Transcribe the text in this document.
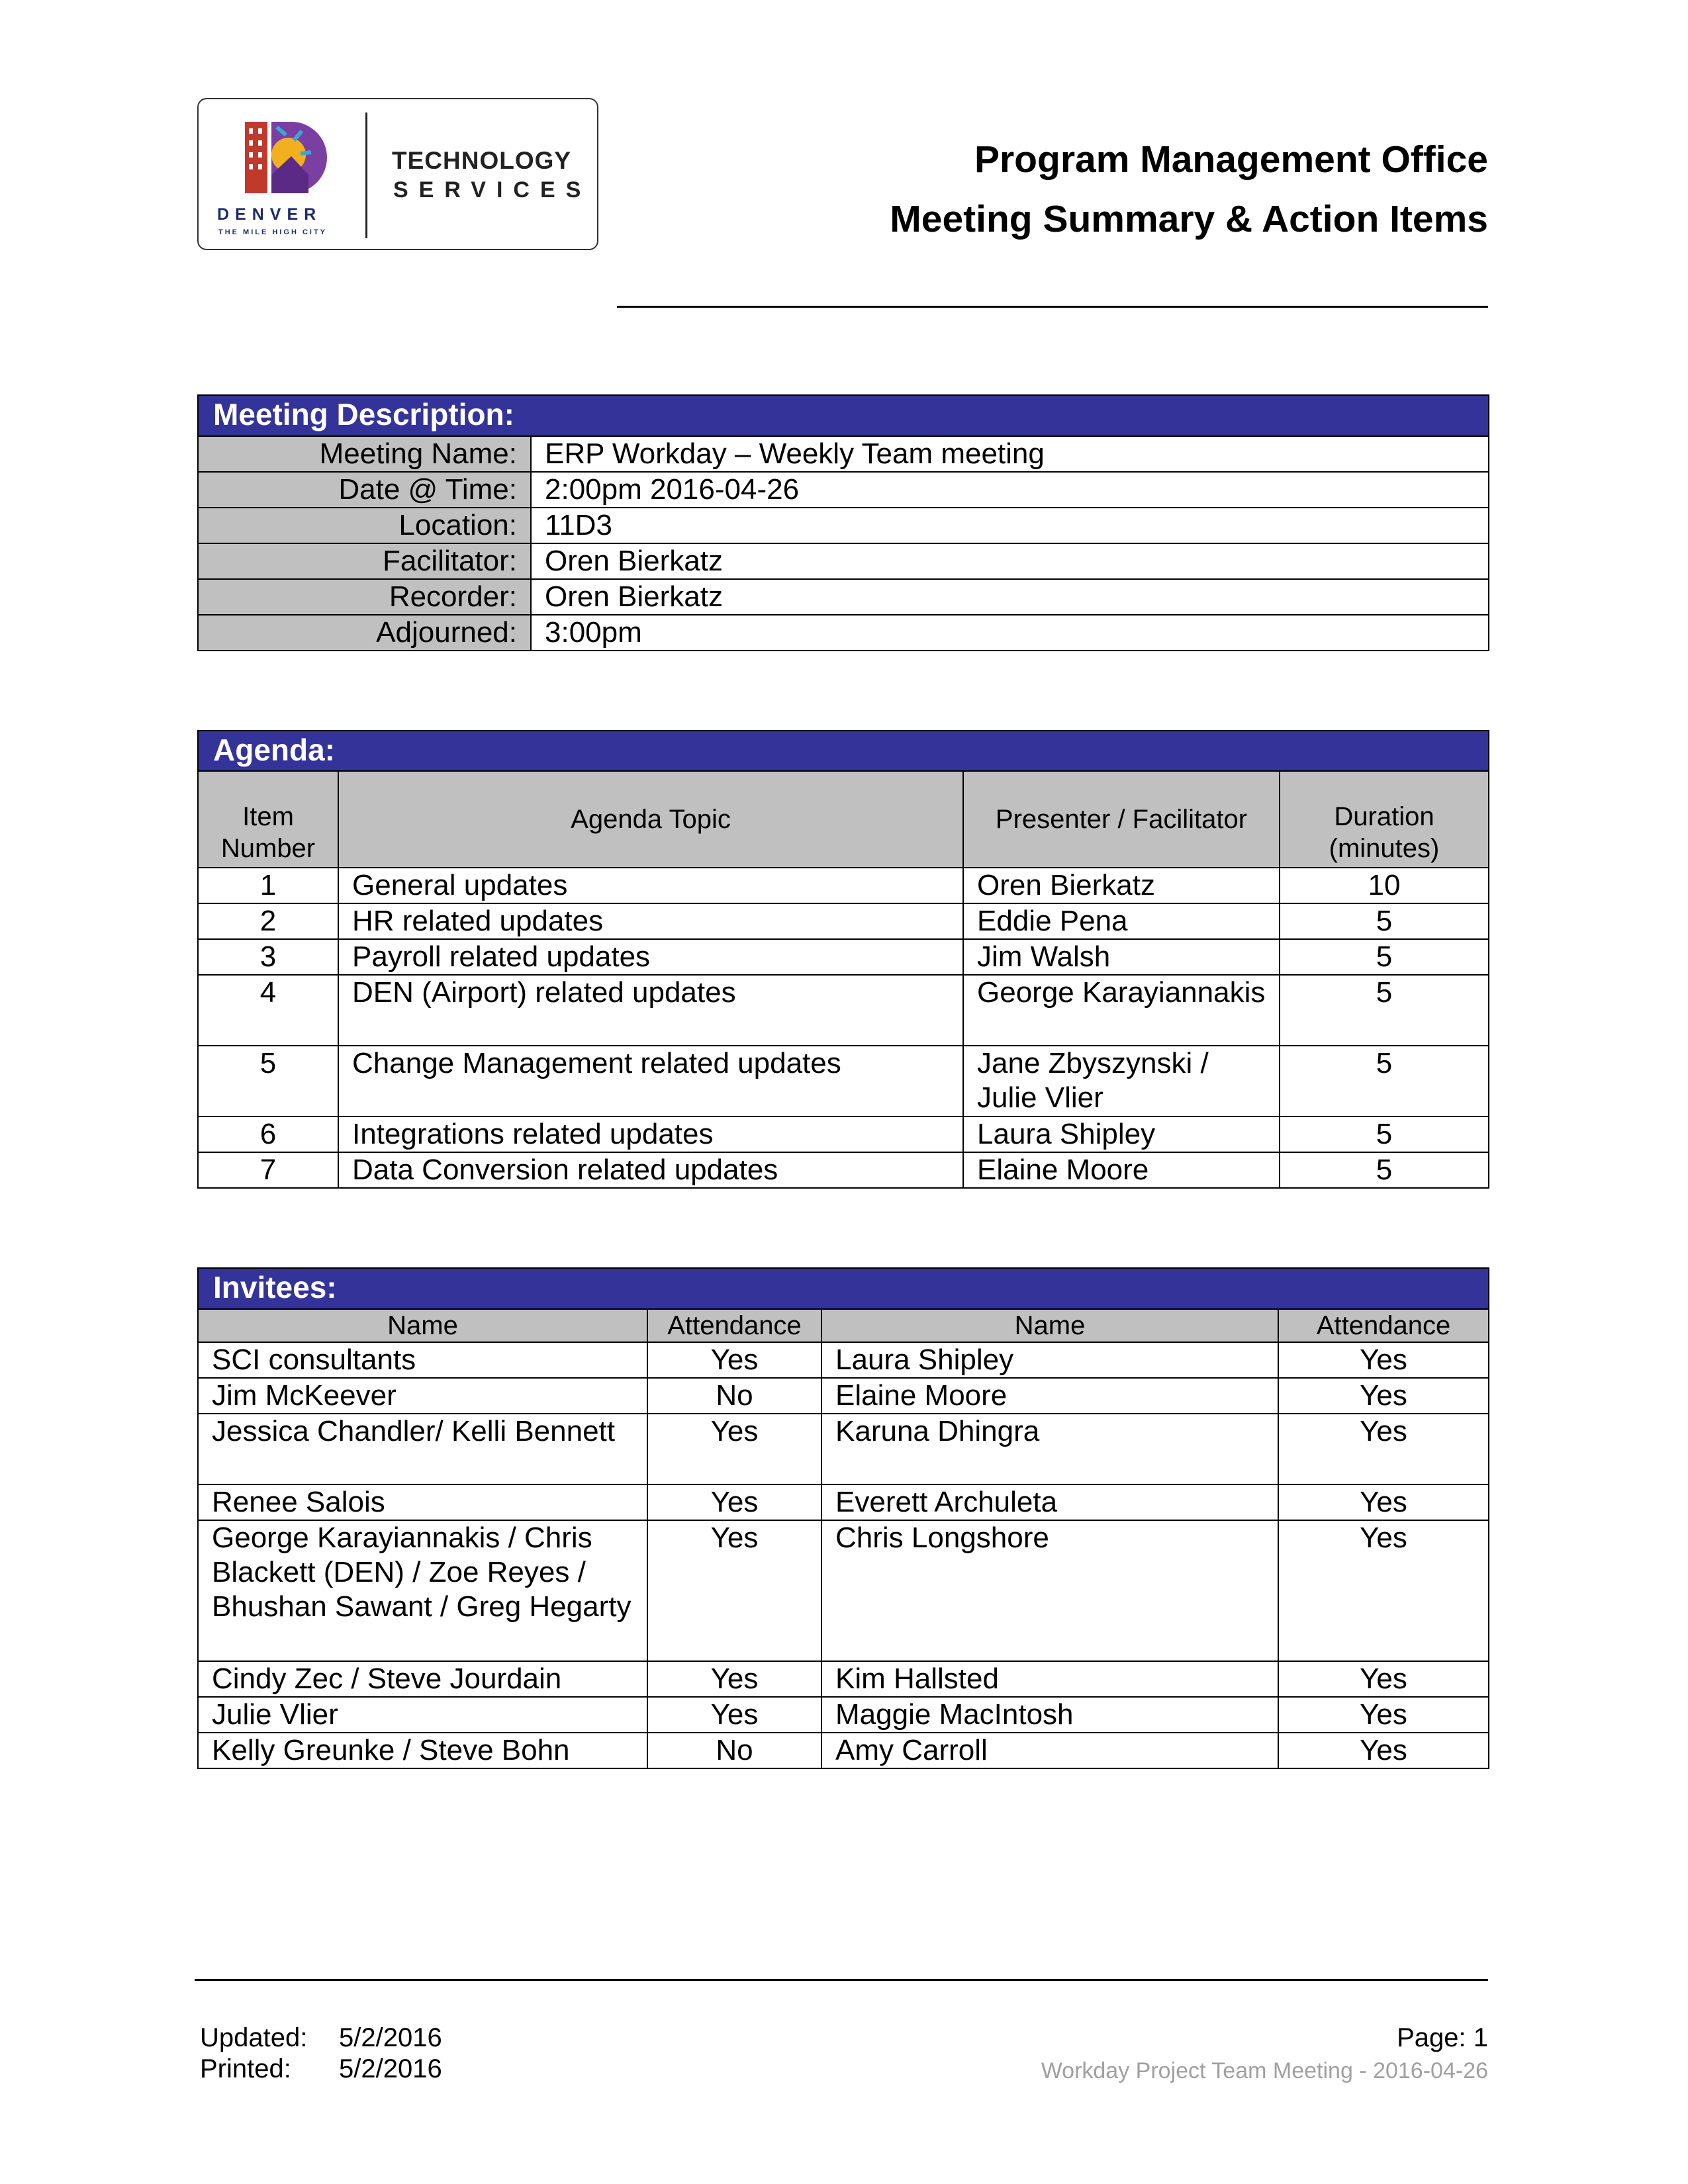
DENVER
THE MILE HIGH CITY
TECHNOLOGY
SERVICES
Program Management Office
Meeting Summary & Action Items
Meeting Description:	
Meeting Name:	ERP Workday – Weekly Team meeting
Date @ Time:	2:00pm 2016-04-26
Location:	11D3
Facilitator:	Oren Bierkatz
Recorder:	Oren Bierkatz
Adjourned:	3:00pm
Agenda:			
Item Number	Agenda Topic	Presenter / Facilitator	Duration (minutes)
1	General updates	Oren Bierkatz	10
2	HR related updates	Eddie Pena	5
3	Payroll related updates	Jim Walsh	5
4	DEN (Airport) related updates	George Karayiannakis	5
5	Change Management related updates	Jane Zbyszynski / Julie Vlier	5
6	Integrations related updates	Laura Shipley	5
7	Data Conversion related updates	Elaine Moore	5
Invitees:			
Name	Attendance	Name	Attendance
SCI consultants	Yes	Laura Shipley	Yes
Jim McKeever	No	Elaine Moore	Yes
Jessica Chandler/ Kelli Bennett	Yes	Karuna Dhingra	Yes
Renee Salois	Yes	Everett Archuleta	Yes
George Karayiannakis / Chris Blackett (DEN) / Zoe Reyes / Bhushan Sawant / Greg Hegarty	Yes	Chris Longshore	Yes
Cindy Zec / Steve Jourdain	Yes	Kim Hallsted	Yes
Julie Vlier	Yes	Maggie MacIntosh	Yes
Kelly Greunke / Steve Bohn	No	Amy Carroll	Yes
Updated: 5/2/2016
Printed: 5/2/2016
Page: 1
Workday Project Team Meeting - 2016-04-26
